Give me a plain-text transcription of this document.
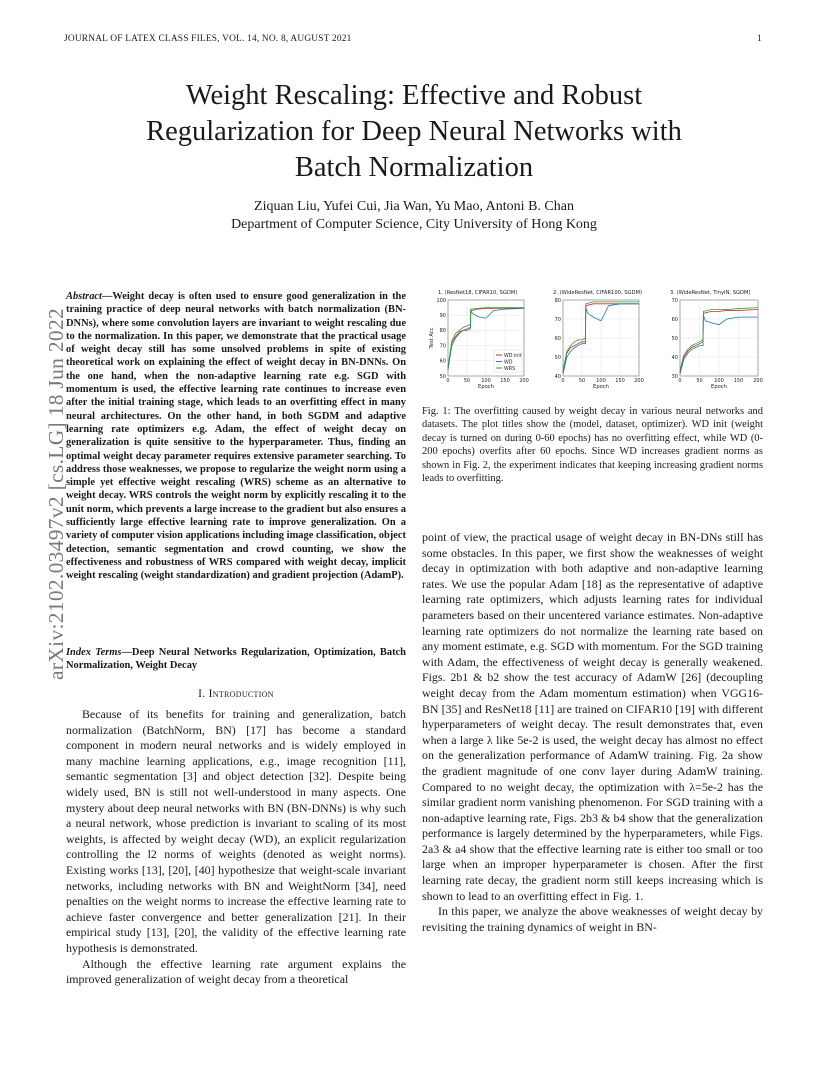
JOURNAL OF LATEX CLASS FILES, VOL. 14, NO. 8, AUGUST 2021	1
Weight Rescaling: Effective and Robust
Regularization for Deep Neural Networks with
Batch Normalization
Ziquan Liu, Yufei Cui, Jia Wan, Yu Mao, Antoni B. Chan
Department of Computer Science, City University of Hong Kong
arXiv:2102.03497v2 [cs.LG] 18 Jun 2022
Abstract—Weight decay is often used to ensure good generalization in the training practice of deep neural networks with batch normalization (BN-DNNs), where some convolution layers are invariant to weight rescaling due to the normalization. In this paper, we demonstrate that the practical usage of weight decay still has some unsolved problems in spite of existing theoretical work on explaining the effect of weight decay in BN-DNNs. On the one hand, when the non-adaptive learning rate e.g. SGD with momentum is used, the effective learning rate continues to increase even after the initial training stage, which leads to an overfitting effect in many neural architectures. On the other hand, in both SGDM and adaptive learning rate optimizers e.g. Adam, the effect of weight decay on generalization is quite sensitive to the hyperparameter. Thus, finding an optimal weight decay parameter requires extensive parameter searching. To address those weaknesses, we propose to regularize the weight norm using a simple yet effective weight rescaling (WRS) scheme as an alternative to weight decay. WRS controls the weight norm by explicitly rescaling it to the unit norm, which prevents a large increase to the gradient but also ensures a sufficiently large effective learning rate to improve generalization. On a variety of computer vision applications including image classification, object detection, semantic segmentation and crowd counting, we show the effectiveness and robustness of WRS compared with weight decay, implicit weight rescaling (weight standardization) and gradient projection (AdamP).
Index Terms—Deep Neural Networks Regularization, Optimization, Batch Normalization, Weight Decay
I. Introduction

Because of its benefits for training and generalization, batch normalization (BatchNorm, BN) [17] has become a standard component in modern neural networks and is widely employed in many machine learning applications, e.g., image recognition [11], semantic segmentation [3] and object detection [32]. Despite being widely used, BN is still not well-understood in many aspects. One mystery about deep neural networks with BN (BN-DNNs) is why such a neural network, whose prediction is invariant to scaling of its most weights, is affected by weight decay (WD), an explicit regularization controlling the l2 norms of weights (denoted as weight norms). Existing works [13], [20], [40] hypothesize that weight-scale invariant networks, including networks with BN and WeightNorm [34], need penalties on the weight norms to increase the effective learning rate to achieve faster convergence and better generalization [21]. In their empirical study [13], [20], the validity of the effective learning rate hypothesis is demonstrated.

Although the effective learning rate argument explains the improved generalization of weight decay from a theoretical

1. (ResNet18, CIFAR10, SGDM)
50
60
70
80
90
100
0	50 100 150 200
Epoch
Test Acc
WD init
WD
WRS
2. (WideResNet, CIFAR100, SGDM)
40
50
60
70
80
0	50 100 150 200
Epoch
3. (WideResNet, TinyIN, SGDM)
30
40
50
60
70
0	50 100 150 200
Epoch
Fig. 1: The overfitting caused by weight decay in various neural networks and datasets. The plot titles show the (model, dataset, optimizer). WD init (weight decay is turned on during 0-60 epochs) has no overfitting effect, while WD (0-200 epochs) overfits after 60 epochs. Since WD increases gradient norms as shown in Fig. 2, the experiment indicates that keeping increasing gradient norms leads to overfitting.

point of view, the practical usage of weight decay in BN-DNs still has some obstacles. In this paper, we first show the weaknesses of weight decay in optimization with both adaptive and non-adaptive learning rates. We use the popular Adam [18] as the representative of adaptive learning rate optimizers, which adjusts learning rates for individual parameters based on their uncentered variance estimates. Non-adaptive learning rate optimizers do not normalize the learning rate based on any moment estimate, e.g. SGD with momentum. For the SGD training with Adam, the effectiveness of weight decay is generally weakened. Figs. 2b1 & b2 show the test accuracy of AdamW [26] (decoupling weight decay from the Adam momentum estimation) when VGG16-BN [35] and ResNet18 [11] are trained on CIFAR10 [19] with different hyperparameters of weight decay. The result demonstrates that, even when a large λ like 5e-2 is used, the weight decay has almost no effect on the generalization performance of AdamW training. Fig. 2a show the gradient magnitude of one conv layer during AdamW training. Compared to no weight decay, the optimization with λ=5e-2 has the similar gradient norm vanishing phenomenon. For SGD training with a non-adaptive learning rate, Figs. 2b3 & b4 show that the generalization performance is largely determined by the hyperparameters, while Figs. 2a3 & a4 show that the effective learning rate is either too small or too large when an improper hyperparameter is chosen. After the first learning rate decay, the gradient norm still keeps increasing which is shown to lead to an overfitting effect in Fig. 1.

In this paper, we analyze the above weaknesses of weight decay by revisiting the training dynamics of weight in BN-
